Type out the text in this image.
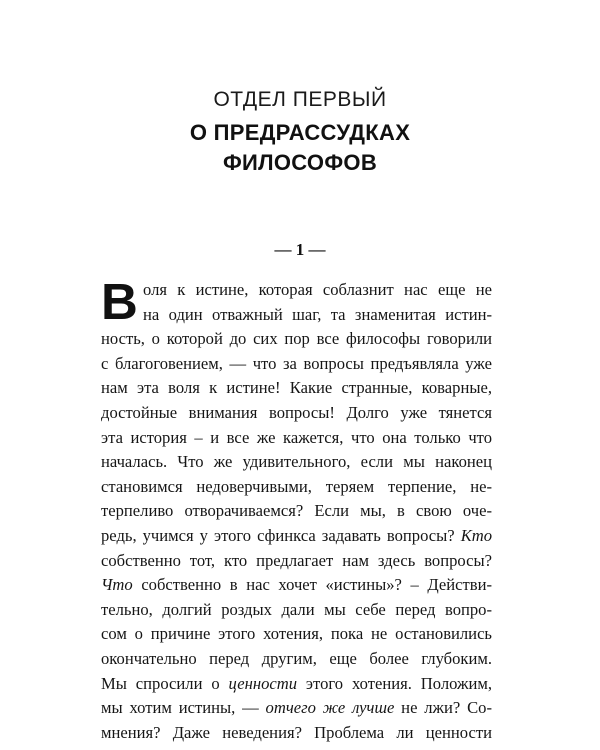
ОТДЕЛ ПЕРВЫЙ
О ПРЕДРАССУДКАХ
ФИЛОСОФОВ
— 1 —
В оля к истине, которая соблазнит нас еще не
на один отважный шаг, та знаменитая истин-
ность, о которой до сих пор все философы говорили
с благоговением, — что за вопросы предъявляла уже
нам эта воля к истине! Какие странные, коварные,
достойные внимания вопросы! Долго уже тянется
эта история – и все же кажется, что она только что
началась. Что же удивительного, если мы наконец
становимся недоверчивыми, теряем терпение, не-
терпеливо отворачиваемся? Если мы, в свою оче-
редь, учимся у этого сфинкса задавать вопросы? Кто
собственно тот, кто предлагает нам здесь вопросы?
Что собственно в нас хочет «истины»? – Действи-
тельно, долгий роздых дали мы себе перед вопро-
сом о причине этого хотения, пока не остановились
окончательно перед другим, еще более глубоким.
Мы спросили о ценности этого хотения. Положим,
мы хотим истины, — отчего же лучше не лжи? Со-
мнения? Даже неведения? Проблема ли ценности
